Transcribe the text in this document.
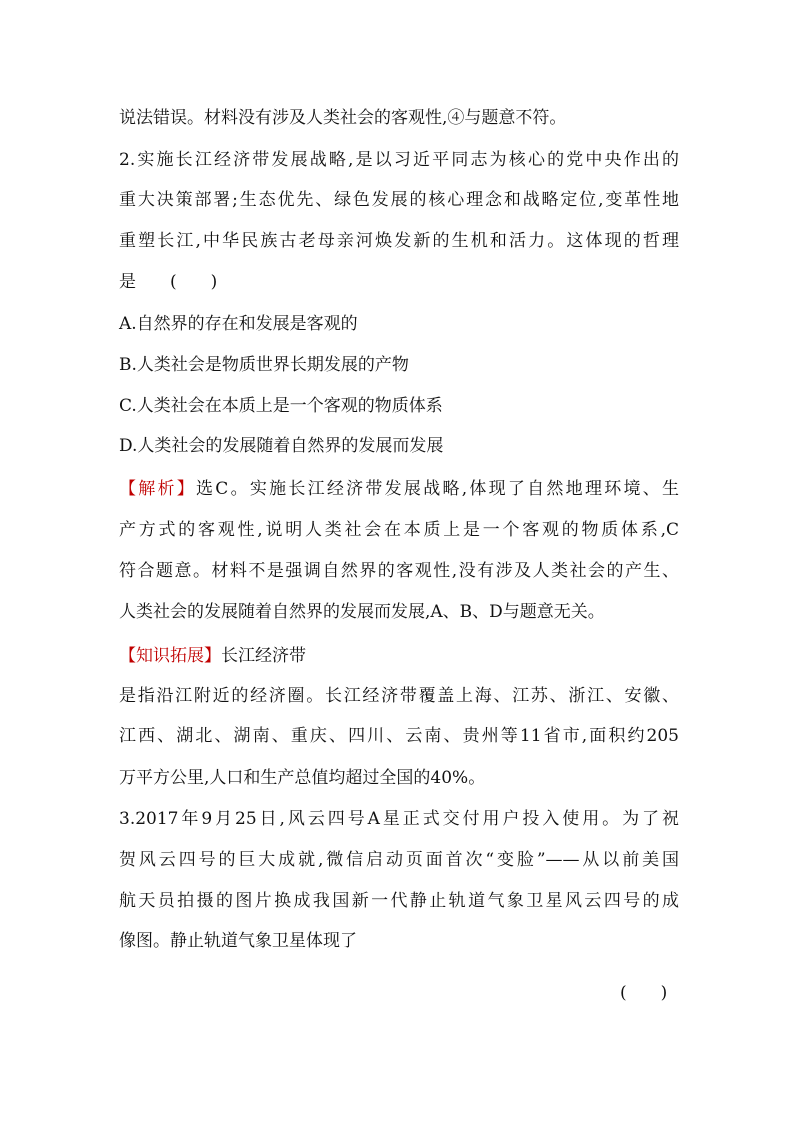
说法错误。材料没有涉及人类社会的客观性,④与题意不符。
2.实施长江经济带发展战略,是以习近平同志为核心的党中央作出的
重大决策部署;生态优先、绿色发展的核心理念和战略定位,变革性地
重塑长江,中华民族古老母亲河焕发新的生机和活力。这体现的哲理
是　　(　　)
A.自然界的存在和发展是客观的
B.人类社会是物质世界长期发展的产物
C.人类社会在本质上是一个客观的物质体系
D.人类社会的发展随着自然界的发展而发展
【解析】选C。实施长江经济带发展战略,体现了自然地理环境、生
产方式的客观性,说明人类社会在本质上是一个客观的物质体系,C
符合题意。材料不是强调自然界的客观性,没有涉及人类社会的产生、
人类社会的发展随着自然界的发展而发展,A、B、D与题意无关。
【知识拓展】长江经济带
是指沿江附近的经济圈。长江经济带覆盖上海、江苏、浙江、安徽、
江西、湖北、湖南、重庆、四川、云南、贵州等11省市,面积约205
万平方公里,人口和生产总值均超过全国的40%。
3.2017年9月25日,风云四号A星正式交付用户投入使用。为了祝
贺风云四号的巨大成就,微信启动页面首次“变脸”——从以前美国
航天员拍摄的图片换成我国新一代静止轨道气象卫星风云四号的成
像图。静止轨道气象卫星体现了
(　　)
